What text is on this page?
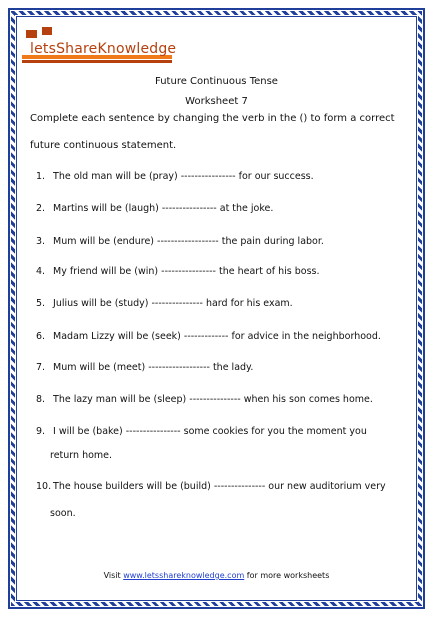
letsShareKnowledge
Future Continuous Tense
Worksheet 7
Complete each sentence by changing the verb in the () to form a correct
future continuous statement.
1. The old man will be (pray) ---------------- for our success.
2. Martins will be (laugh) ---------------- at the joke.
3. Mum will be (endure) ------------------ the pain during labor.
4. My friend will be (win) ---------------- the heart of his boss.
5. Julius will be (study) --------------- hard for his exam.
6. Madam Lizzy will be (seek) ------------- for advice in the neighborhood.
7. Mum will be (meet) ------------------ the lady.
8. The lazy man will be (sleep) --------------- when his son comes home.
9. I will be (bake) ---------------- some cookies for you the moment you
return home.
10. The house builders will be (build) --------------- our new auditorium very
soon.
Visit www.letsshareknowledge.com for more worksheets
